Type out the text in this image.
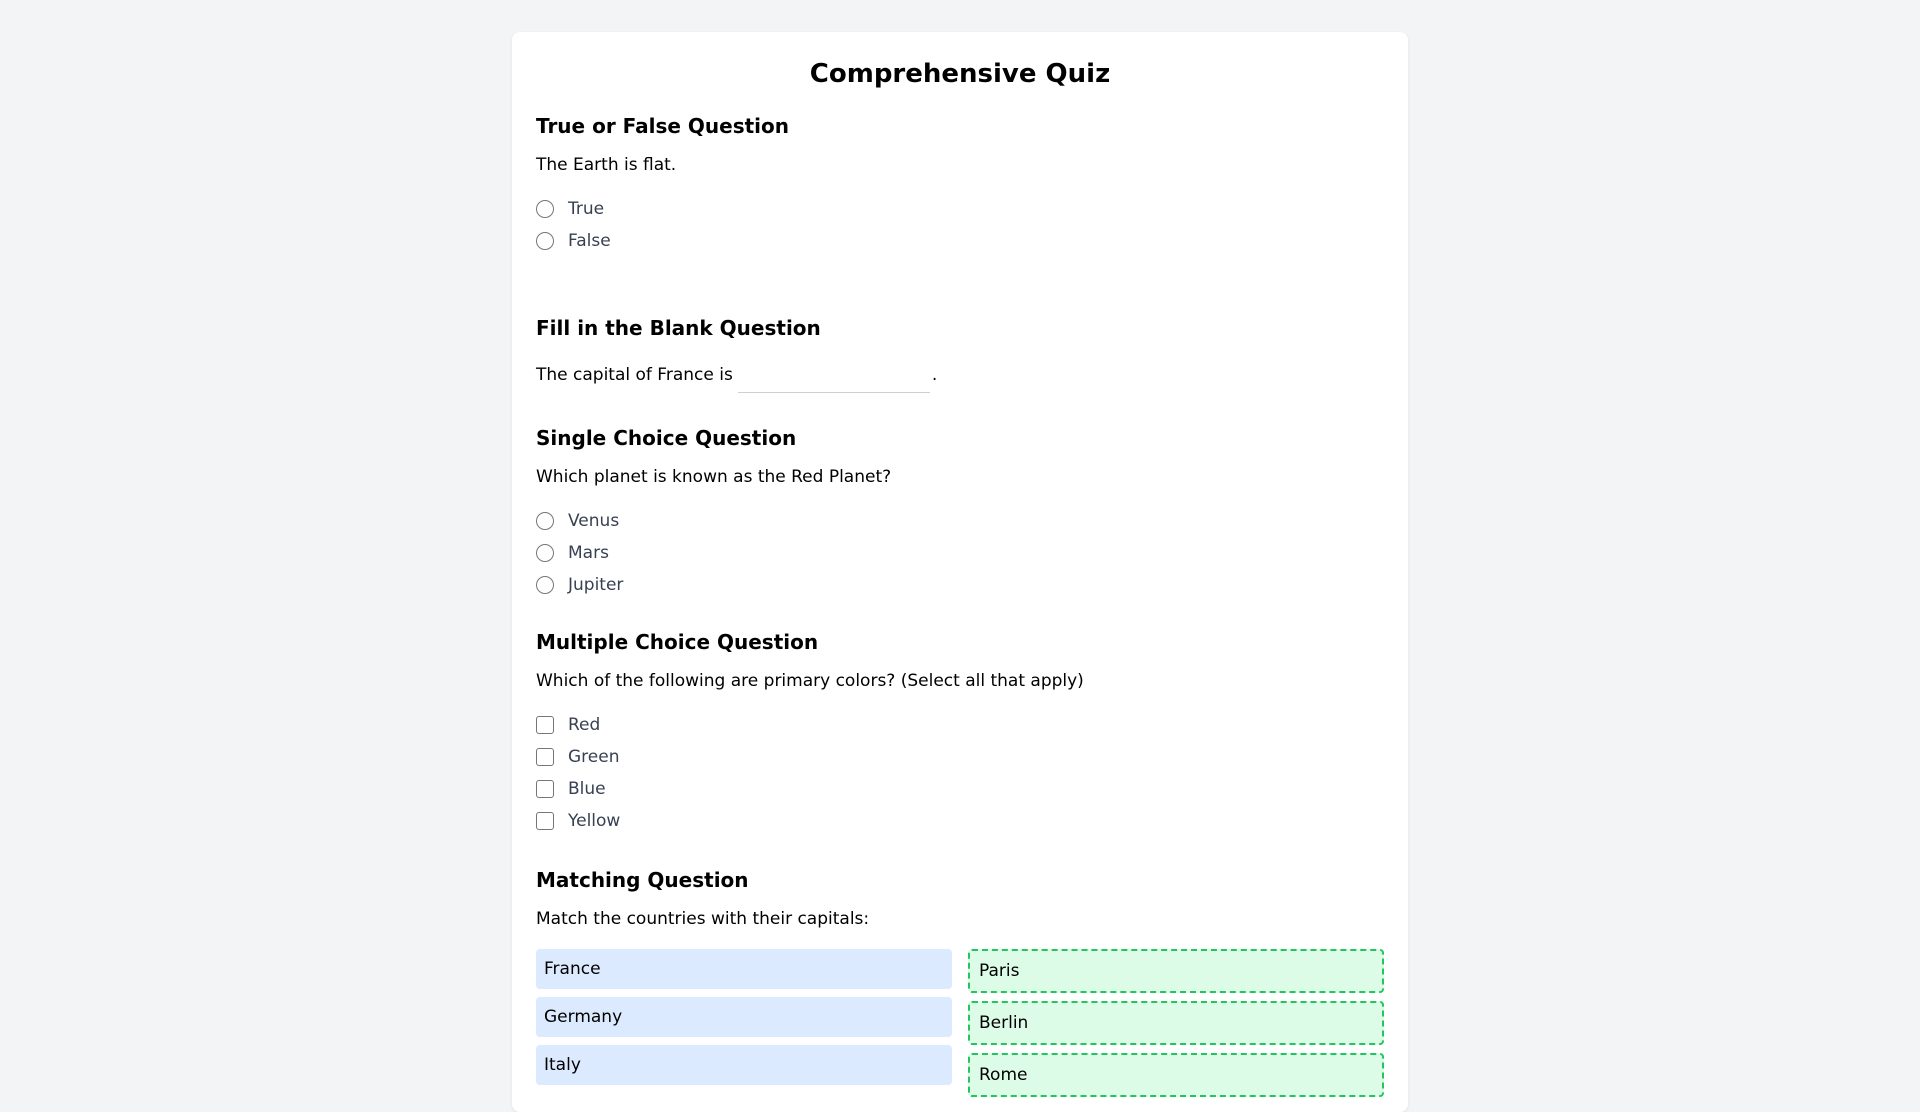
Comprehensive Quiz
True or False Question

The Earth is flat.

True
False
Fill in the Blank Question
The capital of France is	.
Single Choice Question

Which planet is known as the Red Planet?

Venus
Mars
Jupiter
Multiple Choice Question

Which of the following are primary colors? (Select all that apply)

Red
Green
Blue
Yellow
Matching Question

Match the countries with their capitals:

France
Germany
Italy
Paris
Berlin
Rome
